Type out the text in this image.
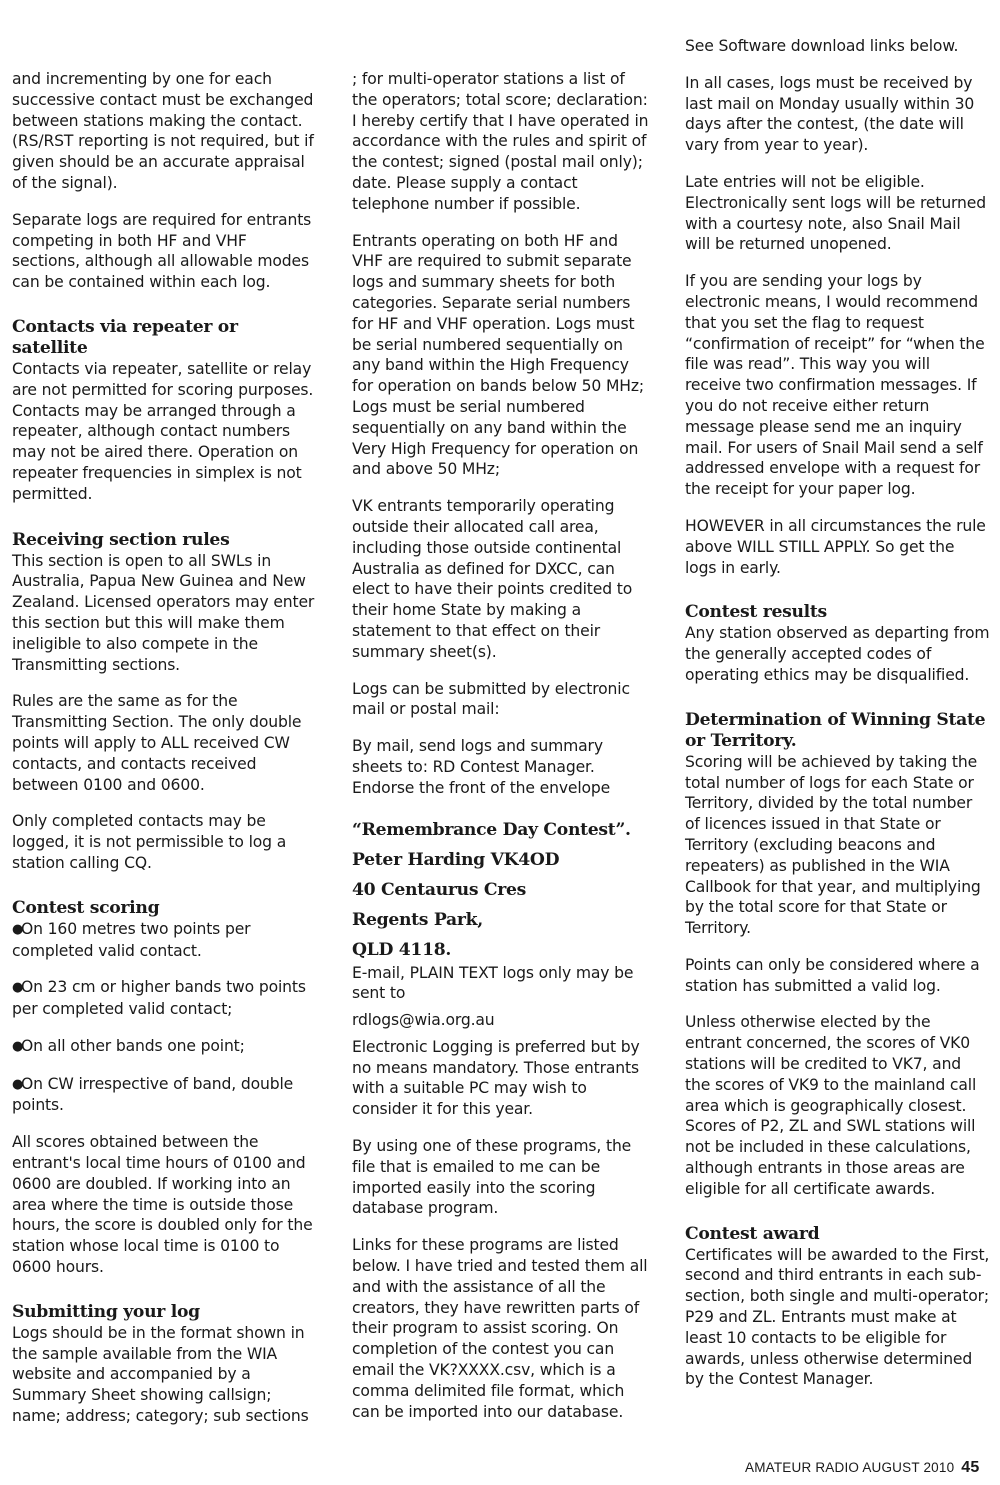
and incrementing by one for each successive contact must be exchanged between stations making the contact. (RS/RST reporting is not required, but if given should be an accurate appraisal of the signal).

Separate logs are required for entrants competing in both HF and VHF sections, although all allowable modes can be contained within each log.

Contacts via repeater or satellite

Contacts via repeater, satellite or relay are not permitted for scoring purposes. Contacts may be arranged through a repeater, although contact numbers may not be aired there. Operation on repeater frequencies in simplex is not permitted.

Receiving section rules

This section is open to all SWLs in Australia, Papua New Guinea and New Zealand. Licensed operators may enter this section but this will make them ineligible to also compete in the Transmitting sections.

Rules are the same as for the Transmitting Section. The only double points will apply to ALL received CW contacts, and contacts received between 0100 and 0600.

Only completed contacts may be logged, it is not permissible to log a station calling CQ.

Contest scoring

●On 160 metres two points per completed valid contact.

●On 23 cm or higher bands two points per completed valid contact;

●On all other bands one point;

●On CW irrespective of band, double points.

All scores obtained between the entrant's local time hours of 0100 and 0600 are doubled. If working into an area where the time is outside those hours, the score is doubled only for the station whose local time is 0100 to 0600 hours.

Submitting your log

Logs should be in the format shown in the sample available from the WIA website and accompanied by a Summary Sheet showing callsign; name; address; category; sub sections

; for multi-operator stations a list of the operators; total score; declaration: I hereby certify that I have operated in accordance with the rules and spirit of the contest; signed (postal mail only); date. Please supply a contact telephone number if possible.

Entrants operating on both HF and VHF are required to submit separate logs and summary sheets for both categories. Separate serial numbers for HF and VHF operation. Logs must be serial numbered sequentially on any band within the High Frequency for operation on bands below 50 MHz; Logs must be serial numbered sequentially on any band within the Very High Frequency for operation on and above 50 MHz;

VK entrants temporarily operating outside their allocated call area, including those outside continental Australia as defined for DXCC, can elect to have their points credited to their home State by making a statement to that effect on their summary sheet(s).

Logs can be submitted by electronic mail or postal mail:

By mail, send logs and summary sheets to: RD Contest Manager. Endorse the front of the envelope

“Remembrance Day Contest”.

Peter Harding VK4OD

40 Centaurus Cres

Regents Park,

QLD 4118.

E-mail, PLAIN TEXT logs only may be sent to

rdlogs@wia.org.au

Electronic Logging is preferred but by no means mandatory. Those entrants with a suitable PC may wish to consider it for this year.

By using one of these programs, the file that is emailed to me can be imported easily into the scoring database program.

Links for these programs are listed below. I have tried and tested them all and with the assistance of all the creators, they have rewritten parts of their program to assist scoring. On completion of the contest you can email the VK?XXXX.csv, which is a comma delimited file format, which can be imported into our database.

See Software download links below.

In all cases, logs must be received by last mail on Monday usually within 30 days after the contest, (the date will vary from year to year).

Late entries will not be eligible. Electronically sent logs will be returned with a courtesy note, also Snail Mail will be returned unopened.

If you are sending your logs by electronic means, I would recommend that you set the flag to request “confirmation of receipt” for “when the file was read”. This way you will receive two confirmation messages. If you do not receive either return message please send me an inquiry mail. For users of Snail Mail send a self addressed envelope with a request for the receipt for your paper log.

HOWEVER in all circumstances the rule above WILL STILL APPLY. So get the logs in early.

Contest results

Any station observed as departing from the generally accepted codes of operating ethics may be disqualified.

Determination of Winning State or Territory.

Scoring will be achieved by taking the total number of logs for each State or Territory, divided by the total number of licences issued in that State or Territory (excluding beacons and repeaters) as published in the WIA Callbook for that year, and multiplying by the total score for that State or Territory.

Points can only be considered where a station has submitted a valid log.

Unless otherwise elected by the entrant concerned, the scores of VK0 stations will be credited to VK7, and the scores of VK9 to the mainland call area which is geographically closest. Scores of P2, ZL and SWL stations will not be included in these calculations, although entrants in those areas are eligible for all certificate awards.

Contest award

Certificates will be awarded to the First, second and third entrants in each sub-section, both single and multi-operator; P29 and ZL. Entrants must make at least 10 contacts to be eligible for awards, unless otherwise determined by the Contest Manager.

AMATEUR RADIO AUGUST 2010 45
